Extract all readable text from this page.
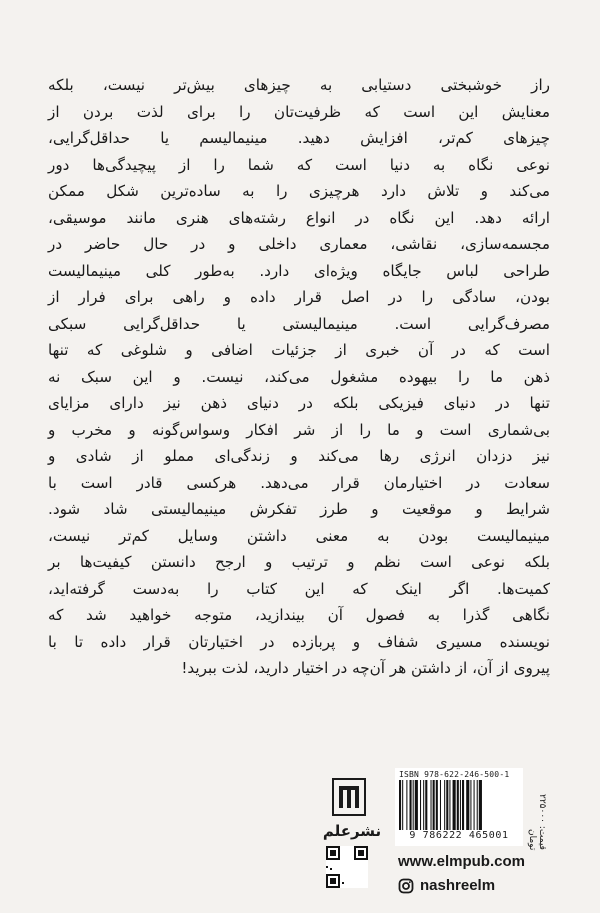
راز خوشبختی دستیابی به چیزهای بیش‌تر نیست، بلکه
معنایش این است که ظرفیت‌تان را برای لذت بردن از
چیزهای کم‌تر، افزایش دهید. مینیمالیسم یا حداقل‌گرایی،
نوعی نگاه به دنیا است که شما را از پیچیدگی‌ها دور
می‌کند و تلاش دارد هرچیزی را به ساده‌ترین شکل ممکن
ارائه دهد. این نگاه در انواع رشته‌های هنری مانند موسیقی،
مجسمه‌سازی، نقاشی، معماری داخلی و در حال حاضر در
طراحی لباس جایگاه ویژه‌ای دارد. به‌طور کلی مینیمالیست
بودن، سادگی را در اصل قرار داده و راهی برای فرار از
مصرف‌گرایی است. مینیمالیستی یا حداقل‌گرایی سبکی
است که در آن خبری از جزئیات اضافی و شلوغی که تنها
ذهن ما را بیهوده مشغول می‌کند، نیست. و این سبک نه
تنها در دنیای فیزیکی بلکه در دنیای ذهن نیز دارای مزایای
بی‌شماری است و ما را از شر افکار وسواس‌گونه و مخرب و
نیز دزدان انرژی رها می‌کند و زندگی‌ای مملو از شادی و
سعادت در اختیارمان قرار می‌دهد. هرکسی قادر است با
شرایط و موقعیت و طرز تفکرش مینیمالیستی شاد شود.
مینیمالیست بودن به معنی داشتن وسایل کم‌تر نیست،
بلکه نوعی است نظم و ترتیب و ارجح دانستن کیفیت‌ها بر
کمیت‌ها. اگر اینک که این کتاب را به‌دست گرفته‌اید،
نگاهی گذرا به فصول آن بیندازید، متوجه خواهید شد که
نویسنده مسیری شفاف و پربازده در اختیارتان قرار داده تا با
پیروی از آن، از داشتن هر آن‌چه در اختیار دارید، لذت ببرید!
نشرعلم
ISBN 978-622-246-500-1
9 786222 465001
قیمت: ۲۲۵۰۰۰ تومان
www.elmpub.com
nashreelm
